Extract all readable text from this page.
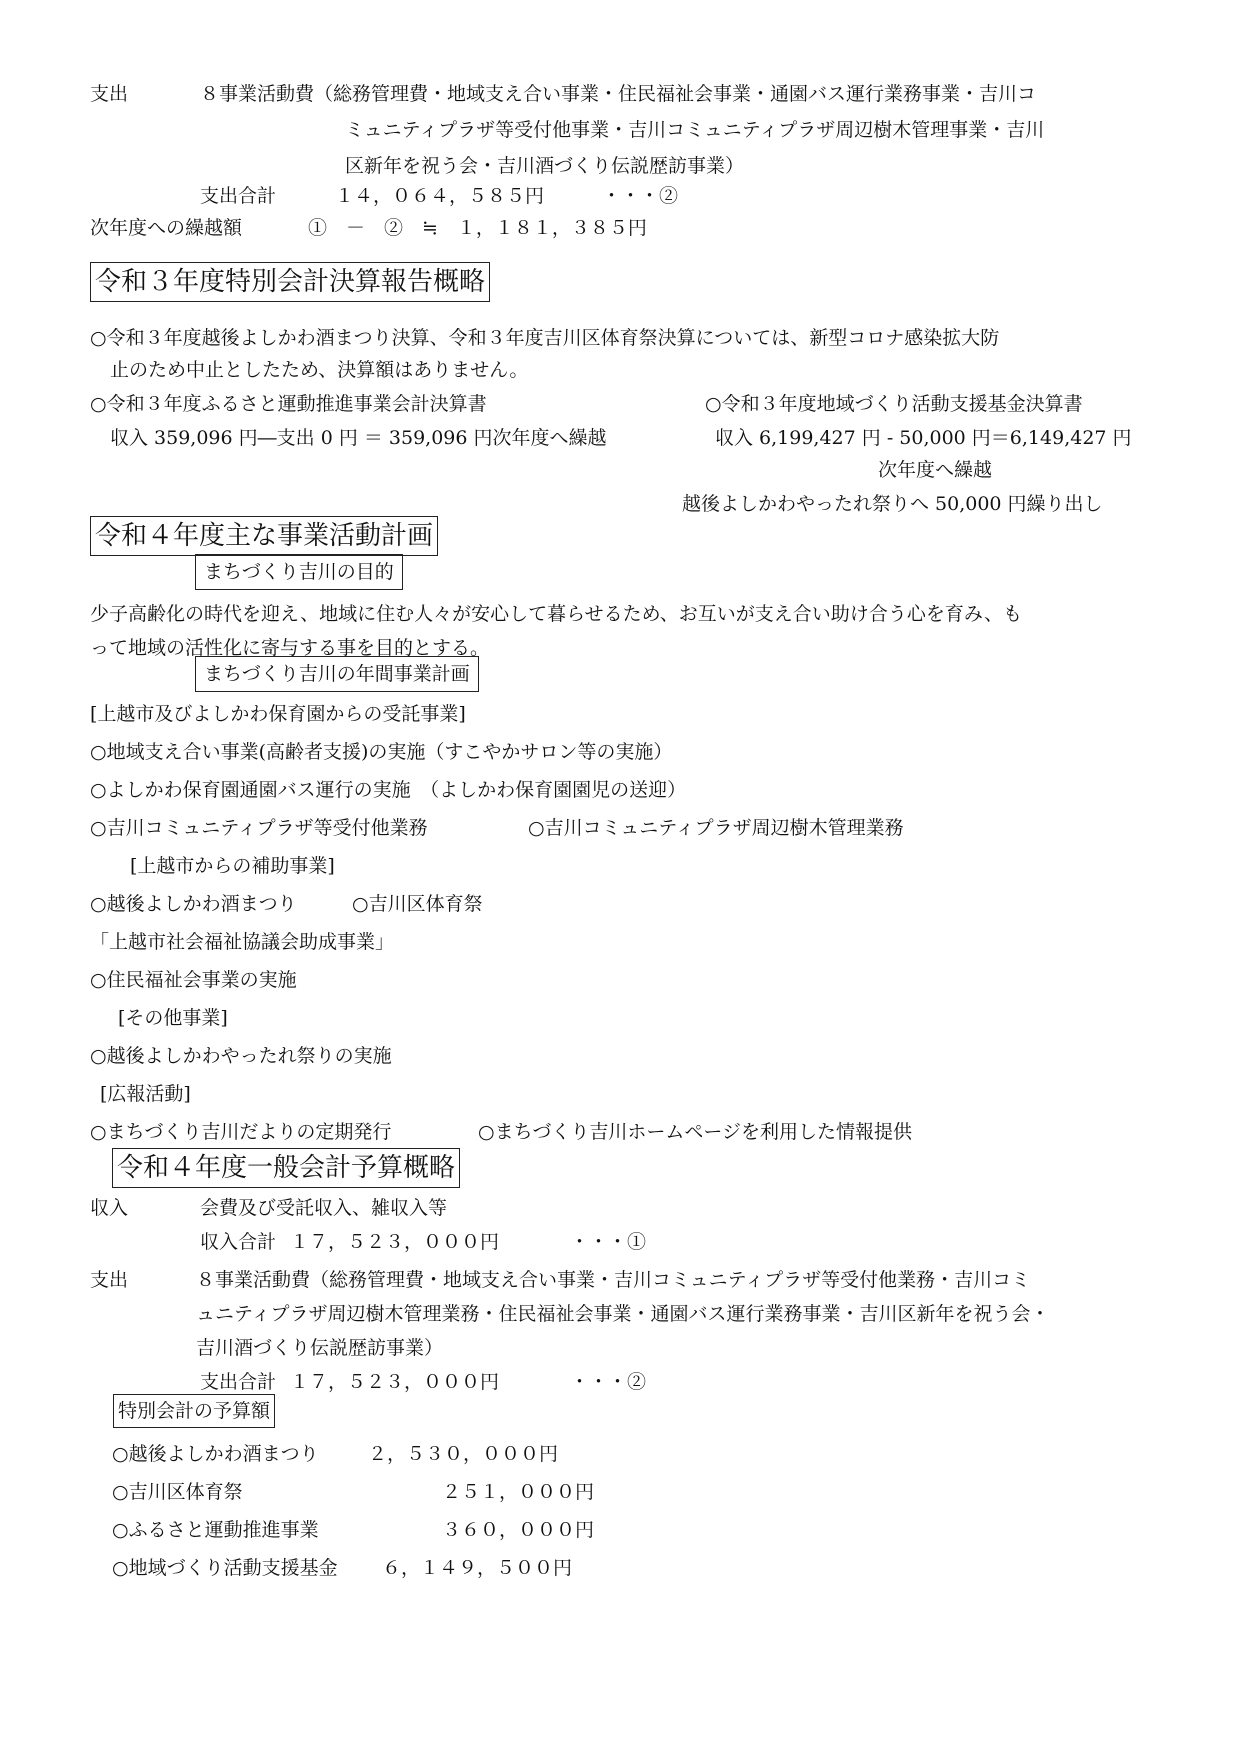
支出	８事業活動費（総務管理費・地域支え合い事業・住民福祉会事業・通園バス運行業務事業・吉川コ
ミュニティプラザ等受付他事業・吉川コミュニティプラザ周辺樹木管理事業・吉川
区新年を祝う会・吉川酒づくり伝説歴訪事業）
支出合計	１４，０６４，５８５円	・・・②
次年度への繰越額	①　－　②　≒　１，１８１，３８５円
令和３年度特別会計決算報告概略
○令和３年度越後よしかわ酒まつり決算、令和３年度吉川区体育祭決算については、新型コロナ感染拡大防
止のため中止としたため、決算額はありません。
○令和３年度ふるさと運動推進事業会計決算書
収入 359,096 円―支出 0 円 ＝ 359,096 円次年度へ繰越
○令和３年度地域づくり活動支援基金決算書
収入 6,199,427 円 - 50,000 円＝6,149,427 円
次年度へ繰越
越後よしかわやったれ祭りへ 50,000 円繰り出し
令和４年度主な事業活動計画
まちづくり吉川の目的
少子高齢化の時代を迎え、地域に住む人々が安心して暮らせるため、お互いが支え合い助け合う心を育み、も
って地域の活性化に寄与する事を目的とする。
まちづくり吉川の年間事業計画
[上越市及びよしかわ保育園からの受託事業]
○地域支え合い事業(高齢者支援)の実施（すこやかサロン等の実施）
○よしかわ保育園通園バス運行の実施　（よしかわ保育園園児の送迎）
○吉川コミュニティプラザ等受付他業務	○吉川コミュニティプラザ周辺樹木管理業務
[上越市からの補助事業]
○越後よしかわ酒まつり	○吉川区体育祭
「上越市社会福祉協議会助成事業」
○住民福祉会事業の実施
[その他事業]
○越後よしかわやったれ祭りの実施
[広報活動]
○まちづくり吉川だよりの定期発行	○まちづくり吉川ホームページを利用した情報提供
令和４年度一般会計予算概略
収入	会費及び受託収入、雑収入等
収入合計 １７，５２３，０００円	・・・①
支出	８事業活動費（総務管理費・地域支え合い事業・吉川コミュニティプラザ等受付他業務・吉川コミ
ュニティプラザ周辺樹木管理業務・住民福祉会事業・通園バス運行業務事業・吉川区新年を祝う会・
吉川酒づくり伝説歴訪事業）
支出合計 １７，５２３，０００円	・・・②
特別会計の予算額
○越後よしかわ酒まつり	２，５３０，０００円
○吉川区体育祭	２５１，０００円
○ふるさと運動推進事業	３６０，０００円
○地域づくり活動支援基金 ６，１４９，５００円
